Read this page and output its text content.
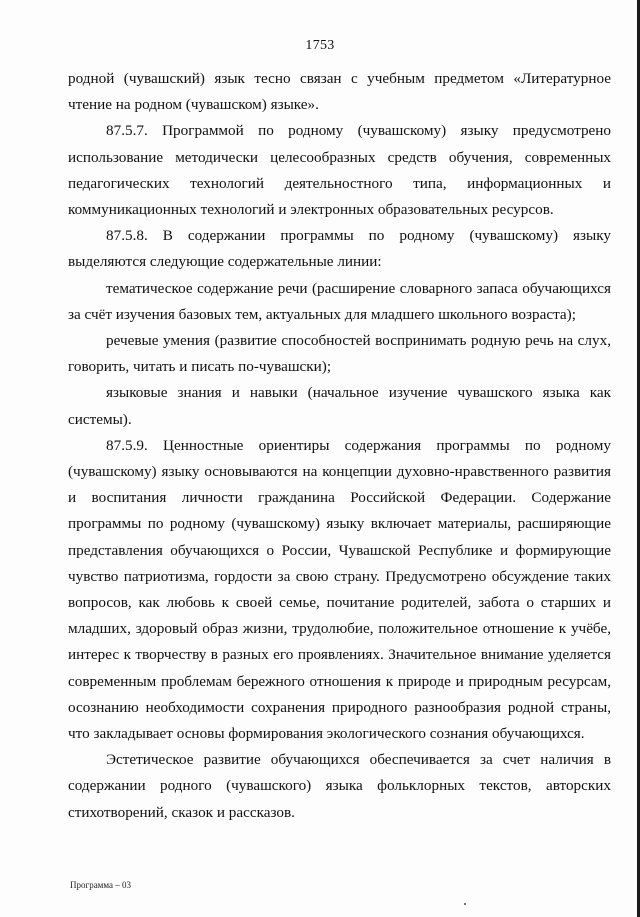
1753

родной (чувашский) язык тесно связан с учебным предметом «Литературное чтение на родном (чувашском) языке».

87.5.7. Программой по родному (чувашскому) языку предусмотрено использование методически целесообразных средств обучения, современных педагогических технологий деятельностного типа, информационных и коммуникационных технологий и электронных образовательных ресурсов.

87.5.8. В содержании программы по родному (чувашскому) языку выделяются следующие содержательные линии:

тематическое содержание речи (расширение словарного запаса обучающихся за счёт изучения базовых тем, актуальных для младшего школьного возраста);

речевые умения (развитие способностей воспринимать родную речь на слух, говорить, читать и писать по-чувашски);

языковые знания и навыки (начальное изучение чувашского языка как системы).

87.5.9. Ценностные ориентиры содержания программы по родному (чувашскому) языку основываются на концепции духовно-нравственного развития и воспитания личности гражданина Российской Федерации. Содержание программы по родному (чувашскому) языку включает материалы, расширяющие представления обучающихся о России, Чувашской Республике и формирующие чувство патриотизма, гордости за свою страну. Предусмотрено обсуждение таких вопросов, как любовь к своей семье, почитание родителей, забота о старших и младших, здоровый образ жизни, трудолюбие, положительное отношение к учёбе, интерес к творчеству в разных его проявлениях. Значительное внимание уделяется современным проблемам бережного отношения к природе и природным ресурсам, осознанию необходимости сохранения природного разнообразия родной страны, что закладывает основы формирования экологического сознания обучающихся.

Эстетическое развитие обучающихся обеспечивается за счет наличия в содержании родного (чувашского) языка фольклорных текстов, авторских стихотворений, сказок и рассказов.

Программа – 03
